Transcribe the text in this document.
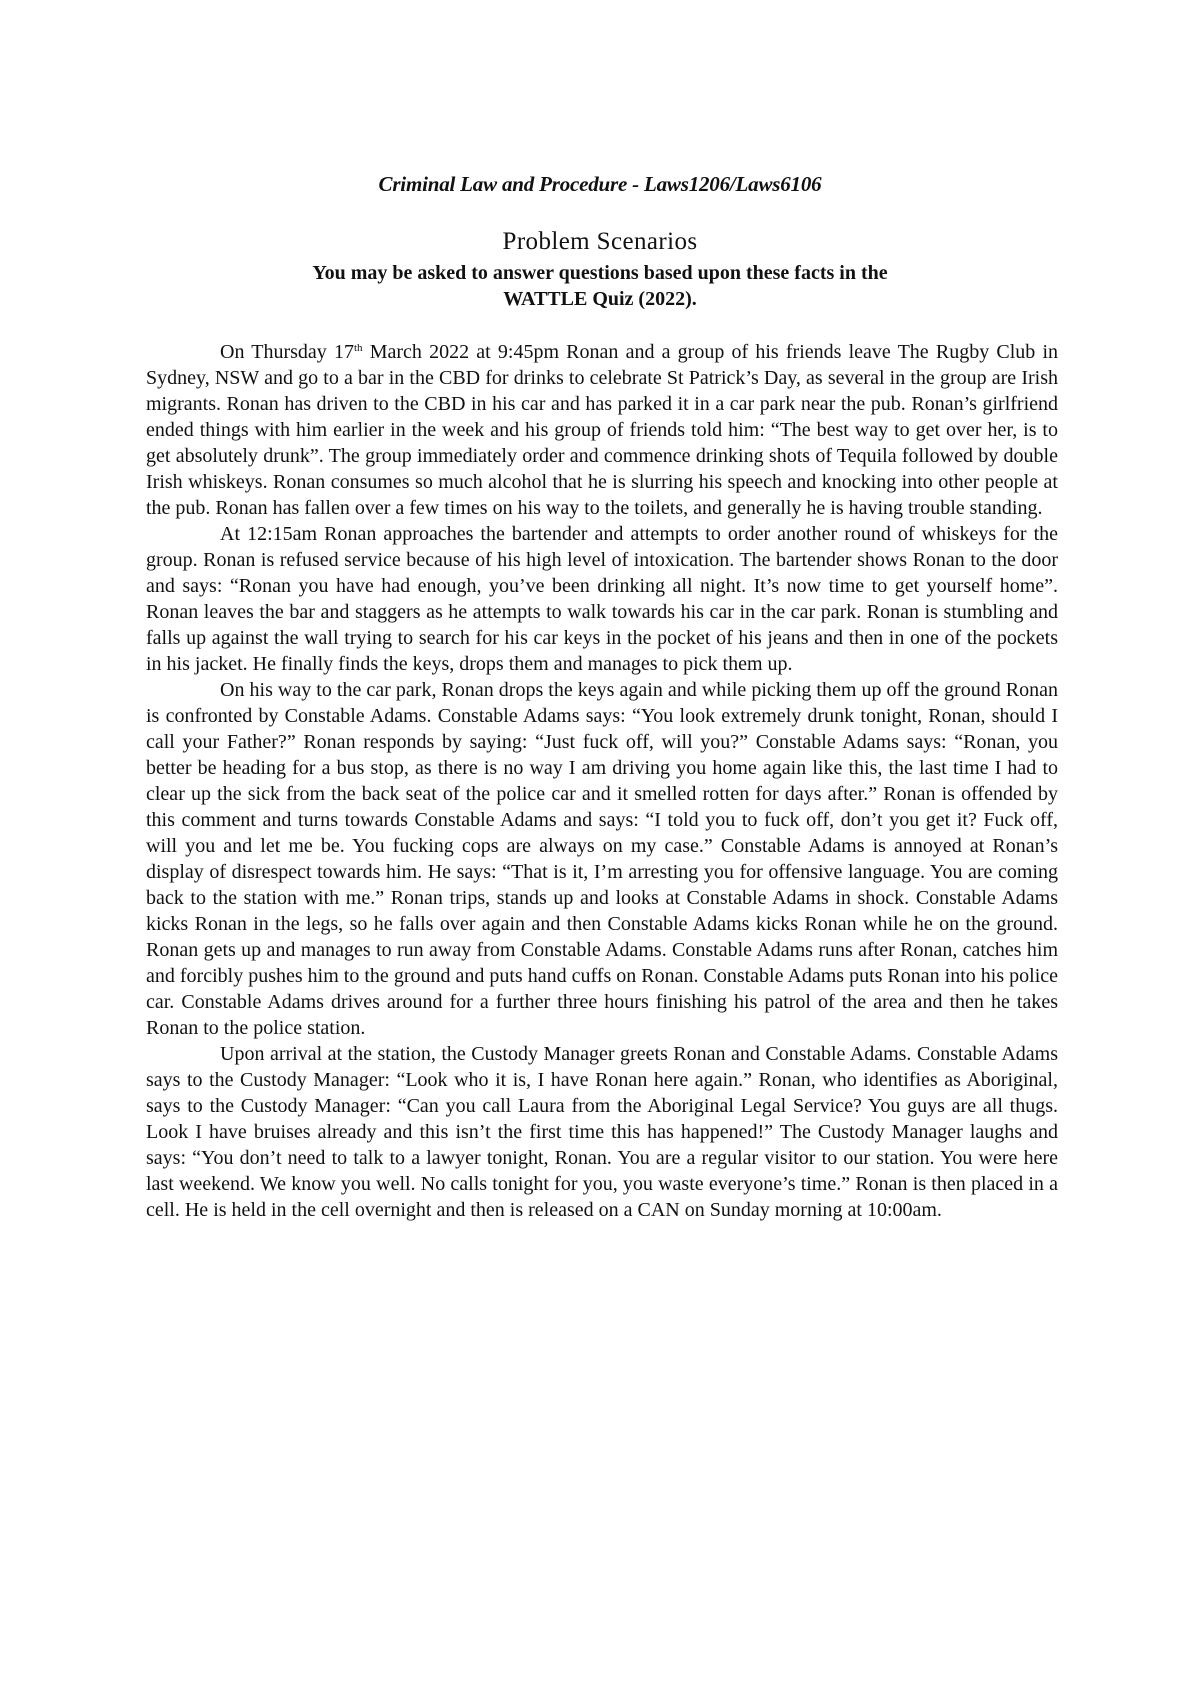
Criminal Law and Procedure - Laws1206/Laws6106
Problem Scenarios
You may be asked to answer questions based upon these facts in the
WATTLE Quiz (2022).

On Thursday 17th March 2022 at 9:45pm Ronan and a group of his friends leave The Rugby Club in Sydney, NSW and go to a bar in the CBD for drinks to celebrate St Patrick’s Day, as several in the group are Irish migrants. Ronan has driven to the CBD in his car and has parked it in a car park near the pub. Ronan’s girlfriend ended things with him earlier in the week and his group of friends told him: “The best way to get over her, is to get absolutely drunk”. The group immediately order and commence drinking shots of Tequila followed by double Irish whiskeys. Ronan consumes so much alcohol that he is slurring his speech and knocking into other people at the pub. Ronan has fallen over a few times on his way to the toilets, and generally he is having trouble standing.

At 12:15am Ronan approaches the bartender and attempts to order another round of whiskeys for the group. Ronan is refused service because of his high level of intoxication. The bartender shows Ronan to the door and says: “Ronan you have had enough, you’ve been drinking all night. It’s now time to get yourself home”. Ronan leaves the bar and staggers as he attempts to walk towards his car in the car park. Ronan is stumbling and falls up against the wall trying to search for his car keys in the pocket of his jeans and then in one of the pockets in his jacket. He finally finds the keys, drops them and manages to pick them up.

On his way to the car park, Ronan drops the keys again and while picking them up off the ground Ronan is confronted by Constable Adams. Constable Adams says: “You look extremely drunk tonight, Ronan, should I call your Father?” Ronan responds by saying: “Just fuck off, will you?” Constable Adams says: “Ronan, you better be heading for a bus stop, as there is no way I am driving you home again like this, the last time I had to clear up the sick from the back seat of the police car and it smelled rotten for days after.” Ronan is offended by this comment and turns towards Constable Adams and says: “I told you to fuck off, don’t you get it? Fuck off, will you and let me be. You fucking cops are always on my case.” Constable Adams is annoyed at Ronan’s display of disrespect towards him. He says: “That is it, I’m arresting you for offensive language. You are coming back to the station with me.” Ronan trips, stands up and looks at Constable Adams in shock. Constable Adams kicks Ronan in the legs, so he falls over again and then Constable Adams kicks Ronan while he on the ground. Ronan gets up and manages to run away from Constable Adams. Constable Adams runs after Ronan, catches him and forcibly pushes him to the ground and puts hand cuffs on Ronan. Constable Adams puts Ronan into his police car. Constable Adams drives around for a further three hours finishing his patrol of the area and then he takes Ronan to the police station.

Upon arrival at the station, the Custody Manager greets Ronan and Constable Adams. Constable Adams says to the Custody Manager: “Look who it is, I have Ronan here again.” Ronan, who identifies as Aboriginal, says to the Custody Manager: “Can you call Laura from the Aboriginal Legal Service? You guys are all thugs. Look I have bruises already and this isn’t the first time this has happened!” The Custody Manager laughs and says: “You don’t need to talk to a lawyer tonight, Ronan. You are a regular visitor to our station. You were here last weekend. We know you well. No calls tonight for you, you waste everyone’s time.” Ronan is then placed in a cell. He is held in the cell overnight and then is released on a CAN on Sunday morning at 10:00am.
